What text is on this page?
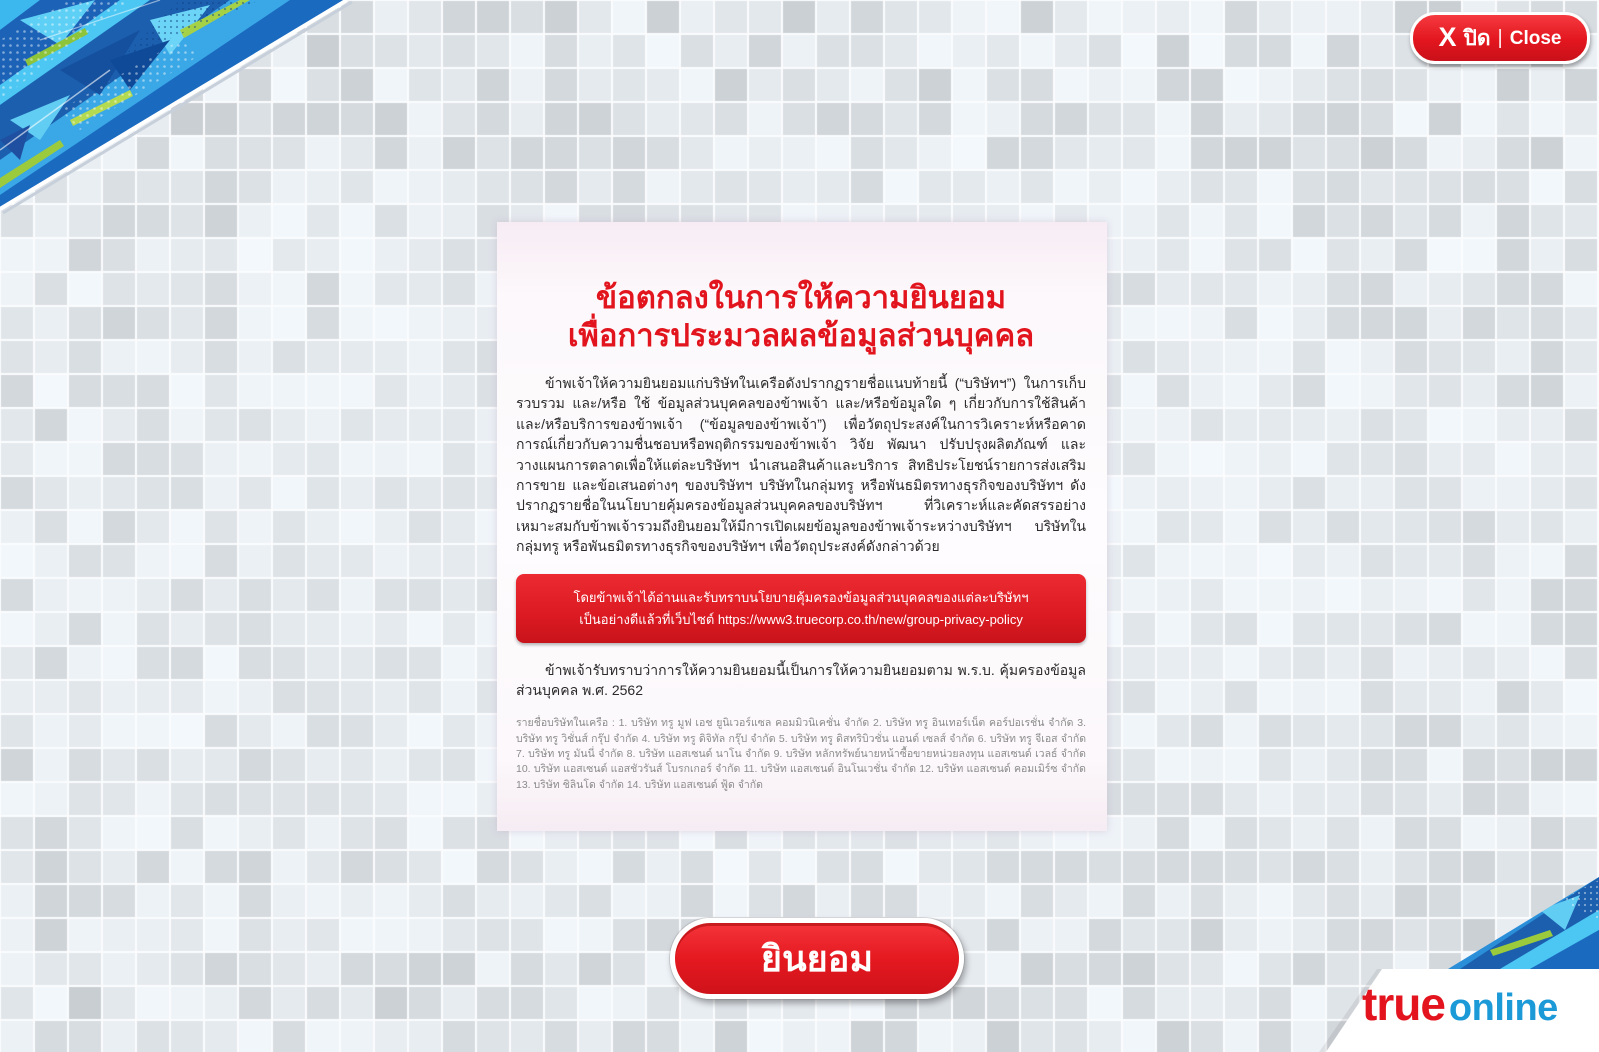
X ปิด | Close
ข้อตกลงในการให้ความยินยอม
เพื่อการประมวลผลข้อมูลส่วนบุคคล

ข้าพเจ้าให้ความยินยอมแก่บริษัทในเครือดังปรากฏรายชื่อแนบท้ายนี้ (“บริษัทฯ”) ในการเก็บรวบรวม และ/หรือ ใช้ ข้อมูลส่วนบุคคลของข้าพเจ้า และ/หรือข้อมูลใด ๆ เกี่ยวกับการใช้สินค้าและ/หรือบริการของข้าพเจ้า (“ข้อมูลของข้าพเจ้า”) เพื่อวัตถุประสงค์ในการวิเคราะห์หรือคาดการณ์เกี่ยวกับความชื่นชอบหรือพฤติกรรมของข้าพเจ้า วิจัย พัฒนา ปรับปรุงผลิตภัณฑ์ และวางแผนการตลาดเพื่อให้แต่ละบริษัทฯ นำเสนอสินค้าและบริการ สิทธิประโยชน์รายการส่งเสริมการขาย และข้อเสนอต่างๆ ของบริษัทฯ บริษัทในกลุ่มทรู หรือพันธมิตรทางธุรกิจของบริษัทฯ ดังปรากฏรายชื่อในนโยบายคุ้มครองข้อมูลส่วนบุคคลของบริษัทฯ ที่วิเคราะห์และคัดสรรอย่างเหมาะสมกับข้าพเจ้ารวมถึงยินยอมให้มีการเปิดเผยข้อมูลของข้าพเจ้าระหว่างบริษัทฯ บริษัทในกลุ่มทรู หรือพันธมิตรทางธุรกิจของบริษัทฯ เพื่อวัตถุประสงค์ดังกล่าวด้วย

โดยข้าพเจ้าได้อ่านและรับทราบนโยบายคุ้มครองข้อมูลส่วนบุคคลของแต่ละบริษัทฯ
เป็นอย่างดีแล้วที่เว็บไซต์ https://www3.truecorp.co.th/new/group-privacy-policy

ข้าพเจ้ารับทราบว่าการให้ความยินยอมนี้เป็นการให้ความยินยอมตาม พ.ร.บ. คุ้มครองข้อมูลส่วนบุคคล พ.ศ. 2562

รายชื่อบริษัทในเครือ : 1. บริษัท ทรู มูฟ เอช ยูนิเวอร์แซล คอมมิวนิเคชั่น จำกัด 2. บริษัท ทรู อินเทอร์เน็ต คอร์ปอเรชั่น จำกัด 3. บริษัท ทรู วิชั่นส์ กรุ๊ป จำกัด 4. บริษัท ทรู ดิจิทัล กรุ๊ป จำกัด 5. บริษัท ทรู ดิสทริบิวชั่น แอนด์ เซลส์ จำกัด 6. บริษัท ทรู จีเอส จำกัด 7. บริษัท ทรู มันนี่ จำกัด 8. บริษัท แอสเซนด์ นาโน จำกัด 9. บริษัท หลักทรัพย์นายหน้าซื้อขายหน่วยลงทุน แอสเซนด์ เวลธ์ จำกัด 10. บริษัท แอสเซนด์ แอสชัวรันส์ โบรกเกอร์ จำกัด 11. บริษัท แอสเซนด์ อินโนเวชั่น จำกัด 12. บริษัท แอสเซนด์ คอมเมิร์ซ จำกัด 13. บริษัท ชิลินโด จำกัด 14. บริษัท แอสเซนด์ ฟู้ด จำกัด
ยินยอม
true online
